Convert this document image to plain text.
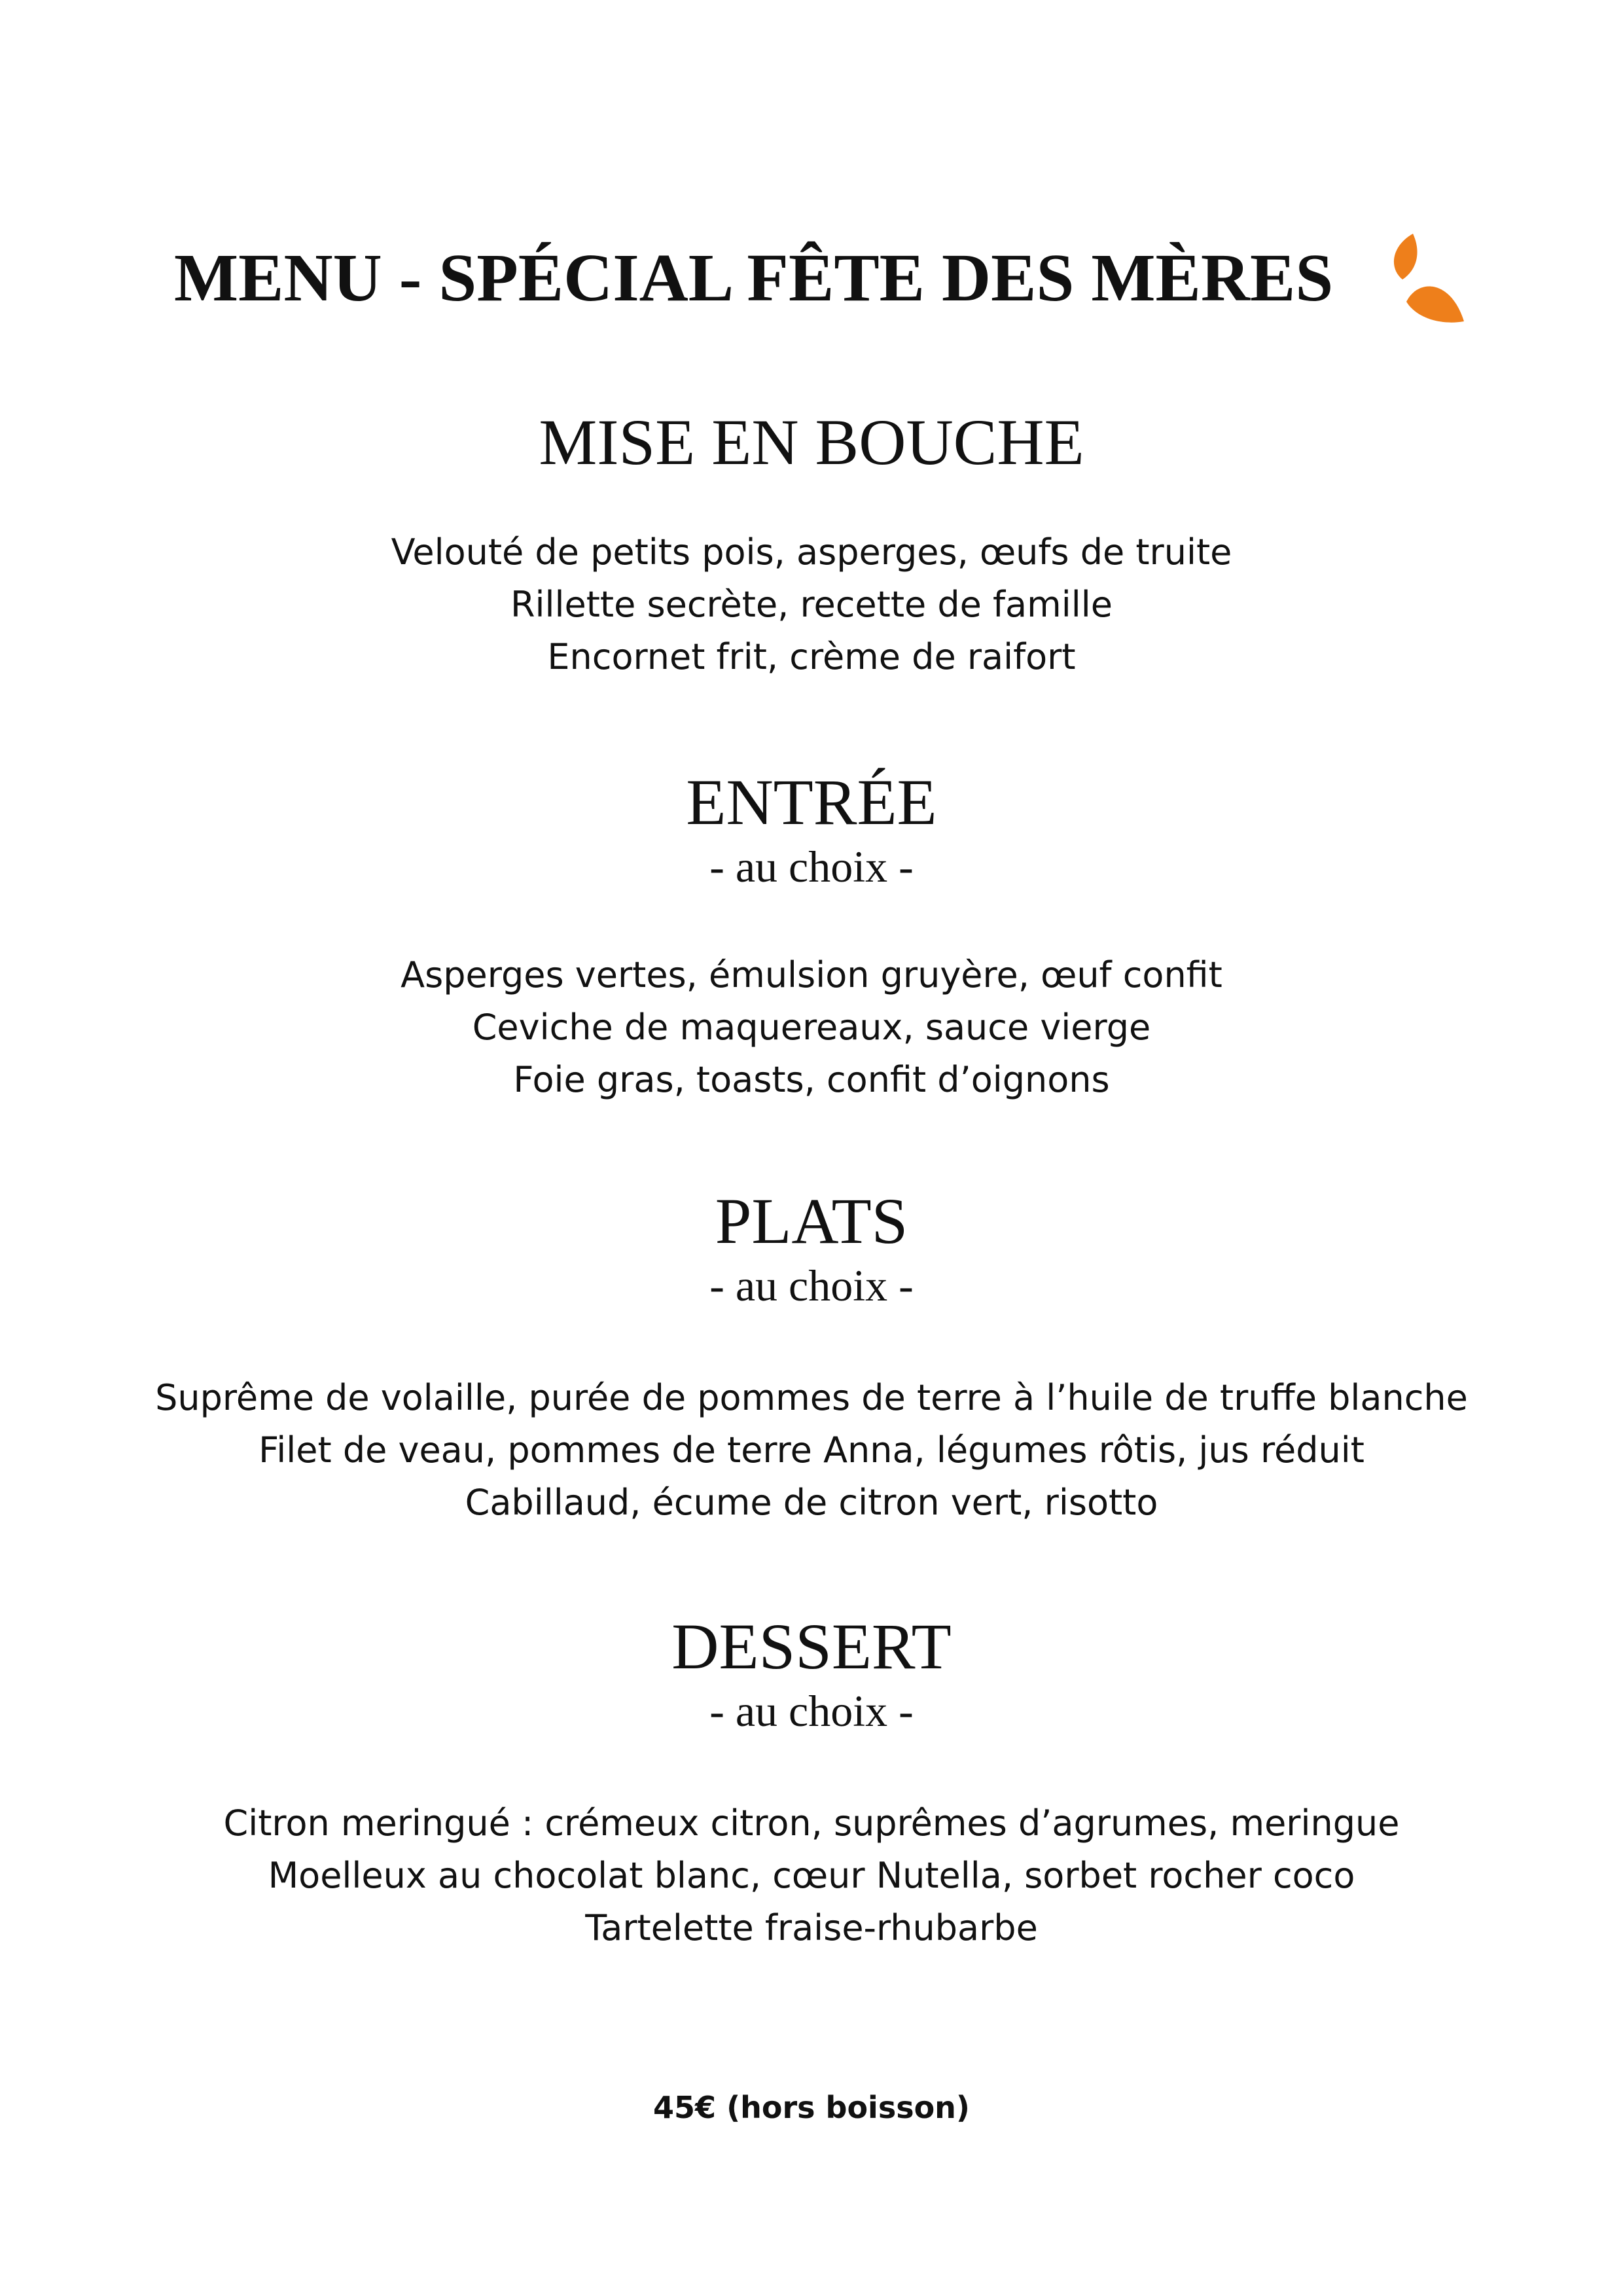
MENU - SPÉCIAL FÊTE DES MÈRES
MISE EN BOUCHE
Velouté de petits pois, asperges, œufs de truite
Rillette secrète, recette de famille
Encornet frit, crème de raifort
ENTRÉE

- au choix -

Asperges vertes, émulsion gruyère, œuf confit
Ceviche de maquereaux, sauce vierge
Foie gras, toasts, confit d’oignons
PLATS

- au choix -

Suprême de volaille, purée de pommes de terre à l’huile de truffe blanche
Filet de veau, pommes de terre Anna, légumes rôtis, jus réduit
Cabillaud, écume de citron vert, risotto
DESSERT

- au choix -

Citron meringué : crémeux citron, suprêmes d’agrumes, meringue
Moelleux au chocolat blanc, cœur Nutella, sorbet rocher coco
Tartelette fraise-rhubarbe
45€ (hors boisson)
